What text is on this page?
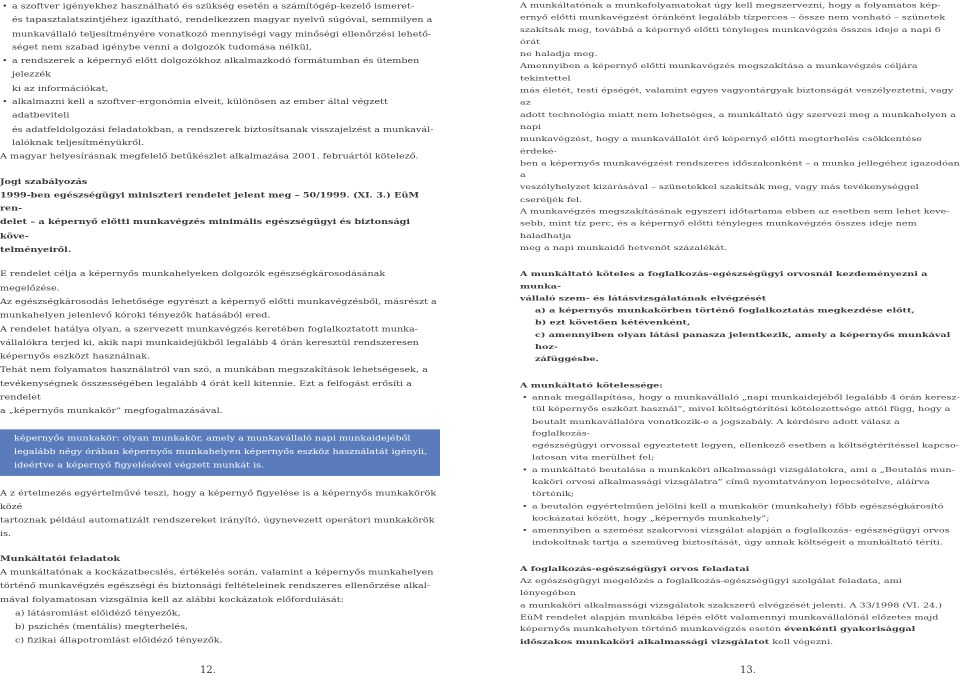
• a szoftver igényekhez használható és szükség esetén a számítógép-kezelő ismeret-
és tapasztalatszintjéhez igazítható, rendelkezzen magyar nyelvű súgóval, semmilyen a
munkavállaló teljesítményére vonatkozó mennyiségi vagy minőségi ellenőrzési lehető-
séget nem szabad igénybe venni a dolgozók tudomása nélkül,
• a rendszerek a képernyő előtt dolgozókhoz alkalmazkodó formátumban és ütemben jelezzék
ki az információkat,
• alkalmazni kell a szoftver-ergonómia elveit, különösen az ember által végzett adatbeviteli
és adatfeldolgozási feladatokban, a rendszerek biztosítsanak visszajelzést a munkavál-
lalóknak teljesítményükről.

A magyar helyesírásnak megfelelő betűkészlet alkalmazása 2001. februártól kötelező.

Jogi szabályozás

1999-ben egészségügyi miniszteri rendelet jelent meg – 50/1999. (XI. 3.) EüM ren-
delet – a képernyő előtti munkavégzés minimális egészségügyi és biztonsági köve-
telményeiről.

E rendelet célja a képernyős munkahelyeken dolgozók egészségkárosodásának megelőzése.

Az egészségkárosodás lehetősége egyrészt a képernyő előtti munkavégzésből, másrészt a
munkahelyen jelenlevő kóroki tényezők hatásából ered.

A rendelet hatálya olyan, a szervezett munkavégzés keretében foglalkoztatott munka-
vállalókra terjed ki, akik napi munkaidejükből legalább 4 órán keresztül rendszeresen
képernyős eszközt használnak.

Tehát nem folyamatos használatról van szó, a munkában megszakítások lehetségesek, a
tevékenységnek összességében legalább 4 órát kell kitennie. Ezt a felfogást erősíti a rendelet
a „képernyős munkakör” megfogalmazásával.

képernyős munkakör: olyan munkakör, amely a munkavállaló napi munkaidejéből
legalább négy órában képernyős munkahelyen képernyős eszköz használatát igényli,
ideértve a képernyő figyelésével végzett munkát is.

A z értelmezés egyértelművé teszi, hogy a képernyő figyelése is a képernyős munkakörök közé
tartoznak például automatizált rendszereket irányító, úgynevezett operátori munkakörök is.

Munkáltatói feladatok

A munkáltatónak a kockázatbecslés, értékelés során, valamint a képernyős munkahelyen
történő munkavégzés egészségi és biztonsági feltételeinek rendszeres ellenőrzése alkal-
mával folyamatosan vizsgálnia kell az alábbi kockázatok előfordulását:

a) látásromlást előidéző tényezők,
b) pszichés (mentális) megterhelés,
c) fizikai állapotromlást előidéző tényezők.
12.

A munkáltatónak a munkafolyamatokat úgy kell megszervezni, hogy a folyamatos kép-
ernyő előtti munkavégzést óránként legalább tízperces – össze nem vonható – szünetek
szakítsák meg, továbbá a képernyő előtti tényleges munkavégzés összes ideje a napi 6 órát
ne haladja meg.

Amennyiben a képernyő előtti munkavégzés megszakítása a munkavégzés céljára tekintettel
más életét, testi épségét, valamint egyes vagyontárgyak biztonságát veszélyeztetni, vagy az
adott technológia miatt nem lehetséges, a munkáltató úgy szervezi meg a munkahelyen a napi
munkavégzést, hogy a munkavállalót érő képernyő előtti megterhelés csökkentése érdeké-
ben a képernyős munkavégzést rendszeres időszakonként – a munka jellegéhez igazodóan a
veszélyhelyzet kizárásával – szünetekkel szakítsák meg, vagy más tevékenységgel cseréljék fel.

A munkavégzés megszakításának egyszeri időtartama ebben az esetben sem lehet keve-
sebb, mint tíz perc, és a képernyő előtti tényleges munkavégzés összes ideje nem haladhatja
meg a napi munkaidő hetvenöt százalékát.

A munkáltató köteles a foglalkozás-egészségügyi orvosnál kezdeményezni a munka-
vállaló szem- és látásvizsgálatának elvégzését

a) a képernyős munkakörben történő foglalkoztatás megkezdése előtt,
b) ezt követően kétévenként,
c) amennyiben olyan látási panasza jelentkezik, amely a képernyős munkával hoz-
záfüggésbe.

A munkáltató kötelessége:

• annak megállapítása, hogy a munkavállaló „napi munkaidejéből legalább 4 órán keresz-
tül képernyős eszközt használ”, mivel költségtérítési kötelezettsége attól függ, hogy a
beutalt munkavállalóra vonatkozik-e a jogszabály. A kérdésre adott válasz a foglalkozás-
egészségügyi orvossal egyeztetett legyen, ellenkező esetben a költségtérítéssel kapcso-
latosan vita merülhet fel;
• a munkáltató beutalása a munkaköri alkalmassági vizsgálatokra, ami a „Beutalás mun-
kaköri orvosi alkalmassági vizsgálatra” című nyomtatványon lepecsételve, aláírva történik;
• a beutalón egyértelműen jelölni kell a munkakör (munkahely) főbb egészségkárosító
kockázatai között, hogy „képernyős munkahely”;
• amennyiben a szemész szakorvosi vizsgálat alapján a foglalkozás- egészségügyi orvos
indokoltnak tartja a szemüveg biztosítását, úgy annak költségeit a munkáltató téríti.

A foglalkozás-egészségügyi orvos feladatai

Az egészségügyi megelőzés a foglalkozás-egészségügyi szolgálat feladata, ami lényegében
a munkaköri alkalmassági vizsgálatok szakszerű elvégzését jelenti. A 33/1998 (VI. 24.)

EüM rendelet alapján munkába lépés előtt valamennyi munkavállalónál előzetes majd
képernyős munkahelyen történő munkavégzés esetén évenkénti gyakorisággal időszakos munkaköri alkalmassági vizsgálatot kell végezni.

13.
